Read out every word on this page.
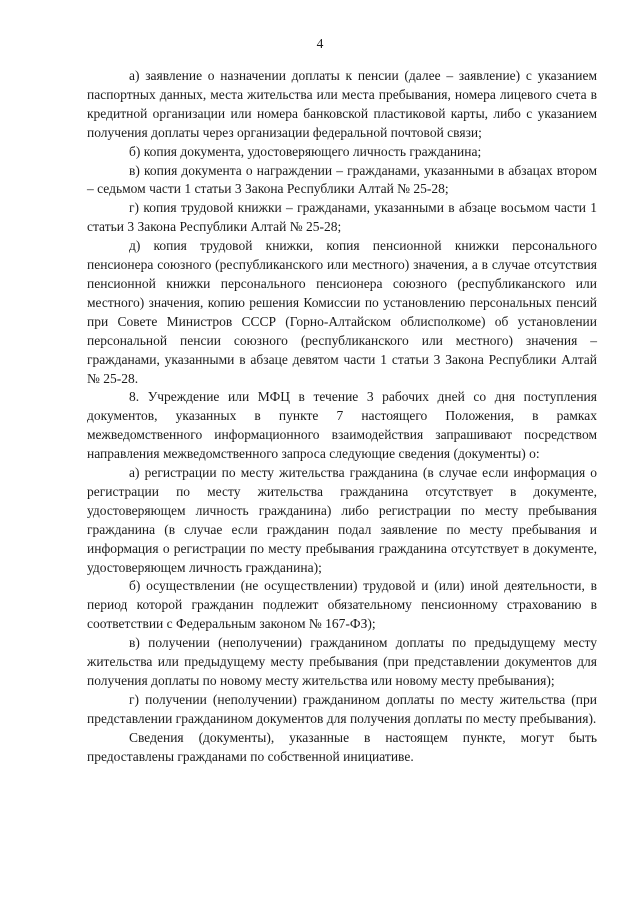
4

а) заявление о назначении доплаты к пенсии (далее – заявление) с указанием паспортных данных, места жительства или места пребывания, номера лицевого счета в кредитной организации или номера банковской пластиковой карты, либо с указанием получения доплаты через организации федеральной почтовой связи;

б) копия документа, удостоверяющего личность гражданина;

в) копия документа о награждении – гражданами, указанными в абзацах втором – седьмом части 1 статьи 3 Закона Республики Алтай № 25-28;

г) копия трудовой книжки – гражданами, указанными в абзаце восьмом части 1 статьи 3 Закона Республики Алтай № 25-28;

д) копия трудовой книжки, копия пенсионной книжки персонального пенсионера союзного (республиканского или местного) значения, а в случае отсутствия пенсионной книжки персонального пенсионера союзного (республиканского или местного) значения, копию решения Комиссии по установлению персональных пенсий при Совете Министров СССР (Горно-Алтайском облисполкоме) об установлении персональной пенсии союзного (республиканского или местного) значения – гражданами, указанными в абзаце девятом части 1 статьи 3 Закона Республики Алтай № 25-28.

8. Учреждение или МФЦ в течение 3 рабочих дней со дня поступления документов, указанных в пункте 7 настоящего Положения, в рамках межведомственного информационного взаимодействия запрашивают посредством направления межведомственного запроса следующие сведения (документы) о:

а) регистрации по месту жительства гражданина (в случае если информация о регистрации по месту жительства гражданина отсутствует в документе, удостоверяющем личность гражданина) либо регистрации по месту пребывания гражданина (в случае если гражданин подал заявление по месту пребывания и информация о регистрации по месту пребывания гражданина отсутствует в документе, удостоверяющем личность гражданина);

б) осуществлении (не осуществлении) трудовой и (или) иной деятельности, в период которой гражданин подлежит обязательному пенсионному страхованию в соответствии с Федеральным законом № 167-ФЗ);

в) получении (неполучении) гражданином доплаты по предыдущему месту жительства или предыдущему месту пребывания (при представлении документов для получения доплаты по новому месту жительства или новому месту пребывания);

г) получении (неполучении) гражданином доплаты по месту жительства (при представлении гражданином документов для получения доплаты по месту пребывания).

Сведения (документы), указанные в настоящем пункте, могут быть предоставлены гражданами по собственной инициативе.
